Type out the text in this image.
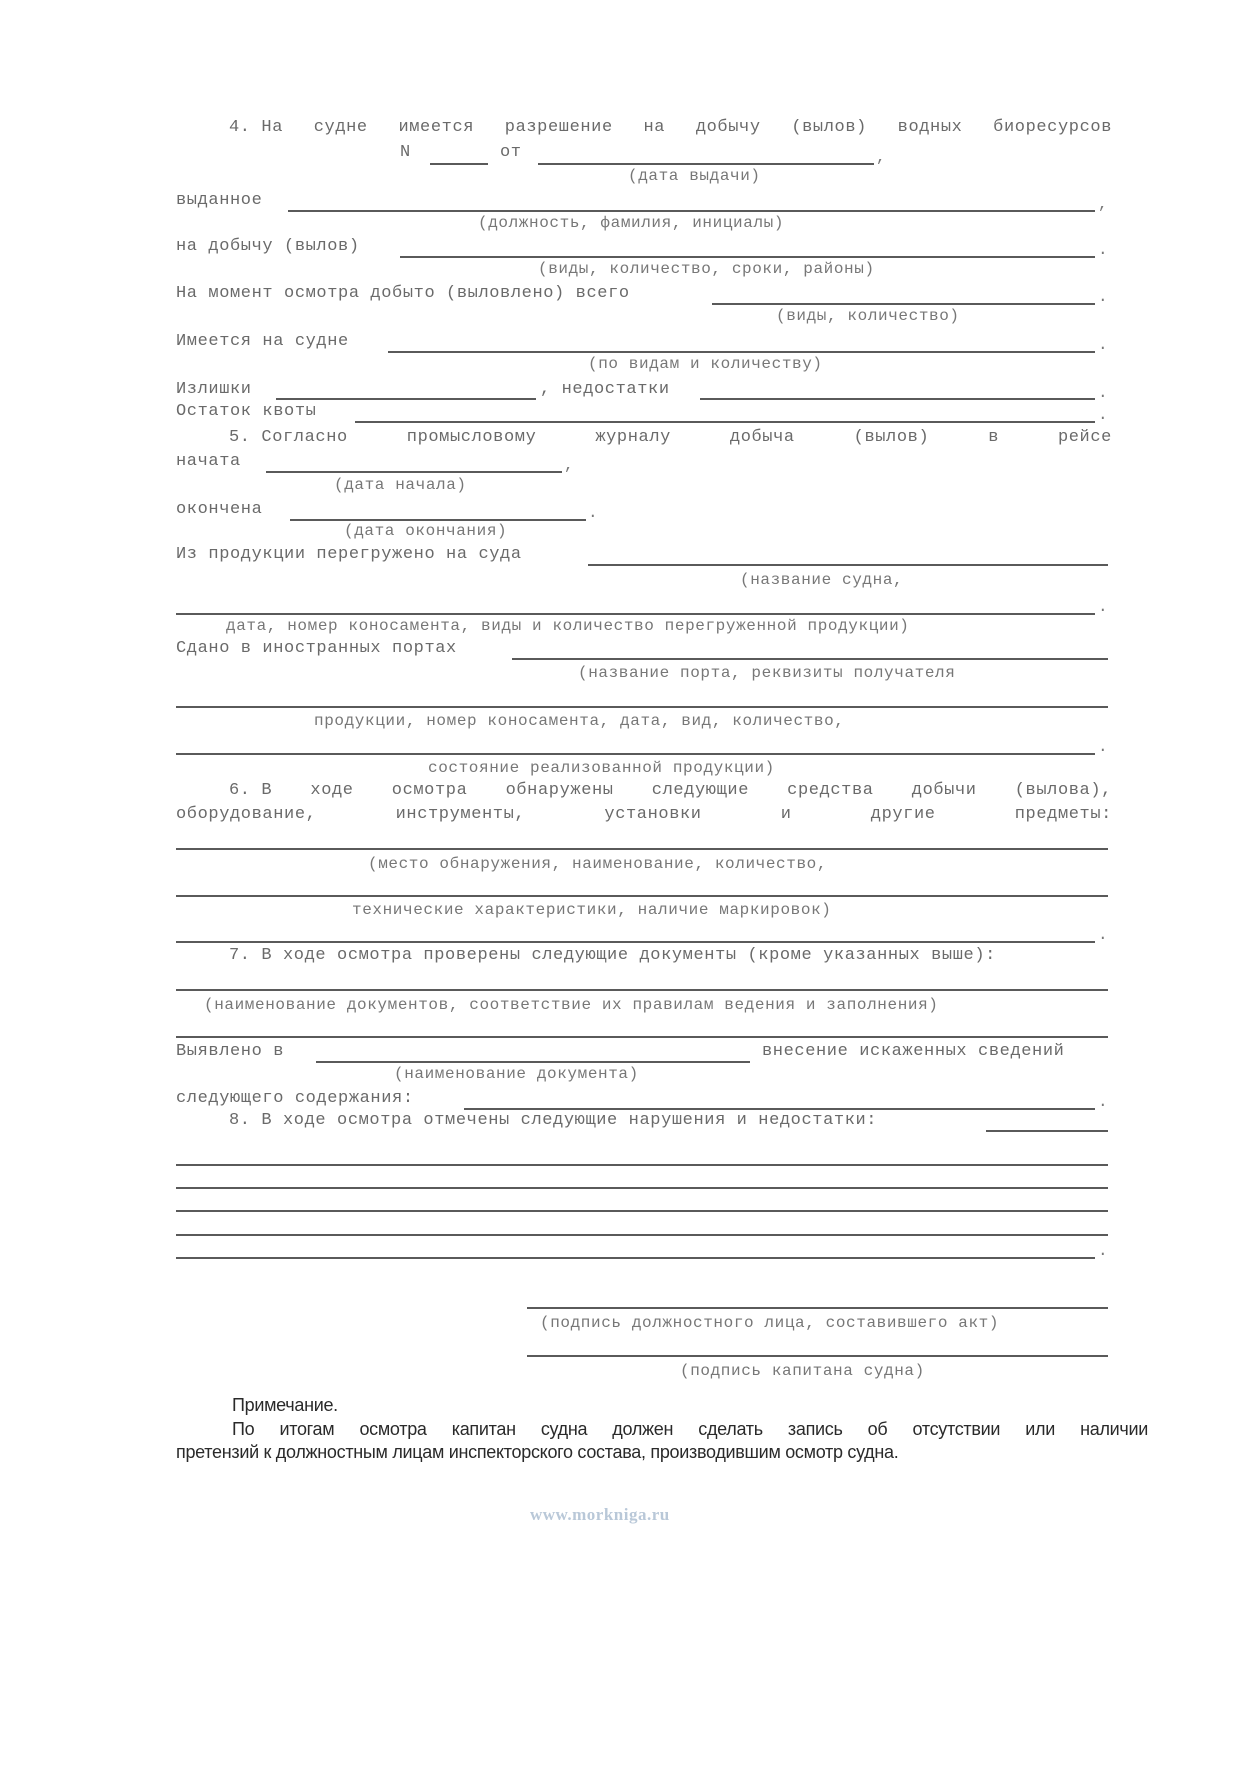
4. На судне имеется разрешение на добычу (вылов) водных биоресурсов
N	от	,
(дата выдачи)
выданное	,
(должность, фамилия, инициалы)
на добычу (вылов)	.
(виды, количество, сроки, районы)
На момент осмотра добыто (выловлено) всего	.
(виды, количество)
Имеется на судне	.
(по видам и количеству)
Излишки	, недостатки	.
Остаток квоты	.
5. Согласно	промысловому	журналу	добыча	(вылов)	в	рейсе
начата	,
(дата начала)
окончена	.
(дата окончания)
Из продукции перегружено на суда
(название судна,
.
дата, номер коносамента, виды и количество перегруженной продукции)
Сдано в иностранных портах
(название порта, реквизиты получателя
продукции, номер коносамента, дата, вид, количество,
.
состояние реализованной продукции)
6. В ходе осмотра обнаружены следующие средства добычи (вылова),
оборудование,	инструменты,	установки	и	другие	предметы:
(место обнаружения, наименование, количество,
технические характеристики, наличие маркировок)
.
7. В ходе осмотра проверены следующие документы (кроме указанных выше):
(наименование документов, соответствие их правилам ведения и заполнения)
Выявлено в	внесение искаженных сведений
(наименование документа)
следующего содержания:	.
8. В ходе осмотра отмечены следующие нарушения и недостатки:
.
(подпись должностного лица, составившего акт)
(подпись капитана судна)
Примечание.
По итогам осмотра капитан судна должен сделать запись об отсутствии или наличии
претензий к должностным лицам инспекторского состава, производившим осмотр судна.
www.morkniga.ru
